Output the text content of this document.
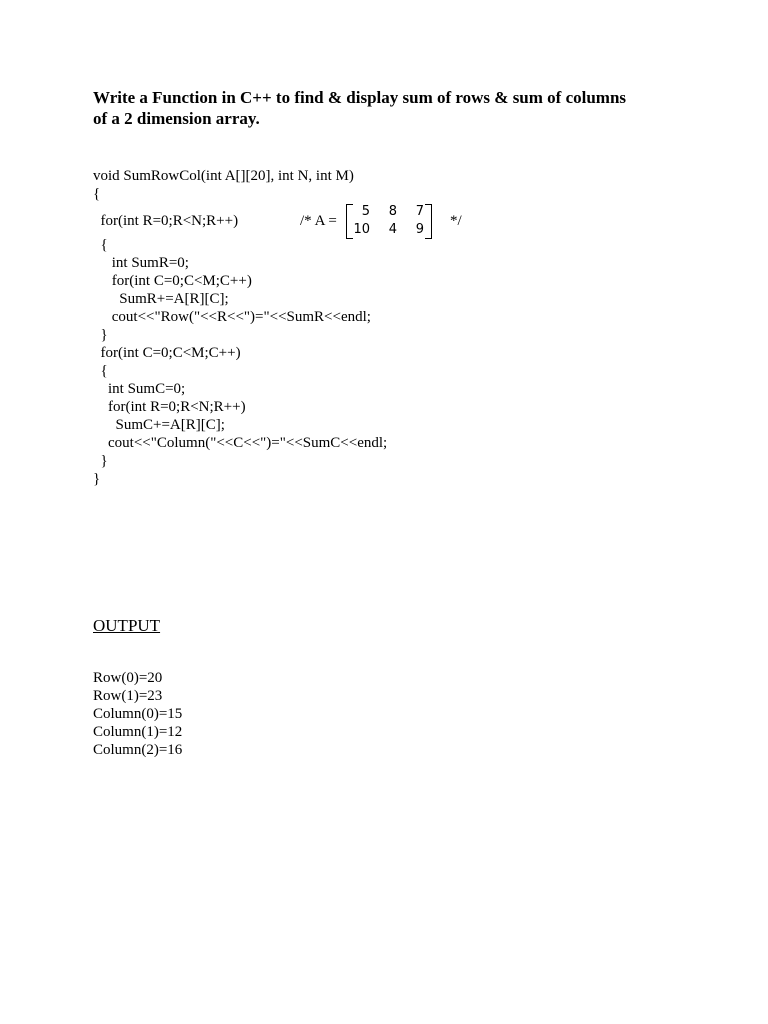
Write a Function in C++ to find & display sum of rows & sum of columns
of a 2 dimension array.
void SumRowCol(int A[][20], int N, int M)
{
for(int R=0;R<N;R++)
{
int SumR=0;
for(int C=0;C<M;C++)
SumR+=A[R][C];
cout<<"Row("<<R<<")="<<SumR<<endl;
}
for(int C=0;C<M;C++)
{
int SumC=0;
for(int R=0;R<N;R++)
SumC+=A[R][C];
cout<<"Column("<<C<<")="<<SumC<<endl;
}
}
/* A =
5	8	7
10	4	9
*/
OUTPUT
Row(0)=20
Row(1)=23
Column(0)=15
Column(1)=12
Column(2)=16
